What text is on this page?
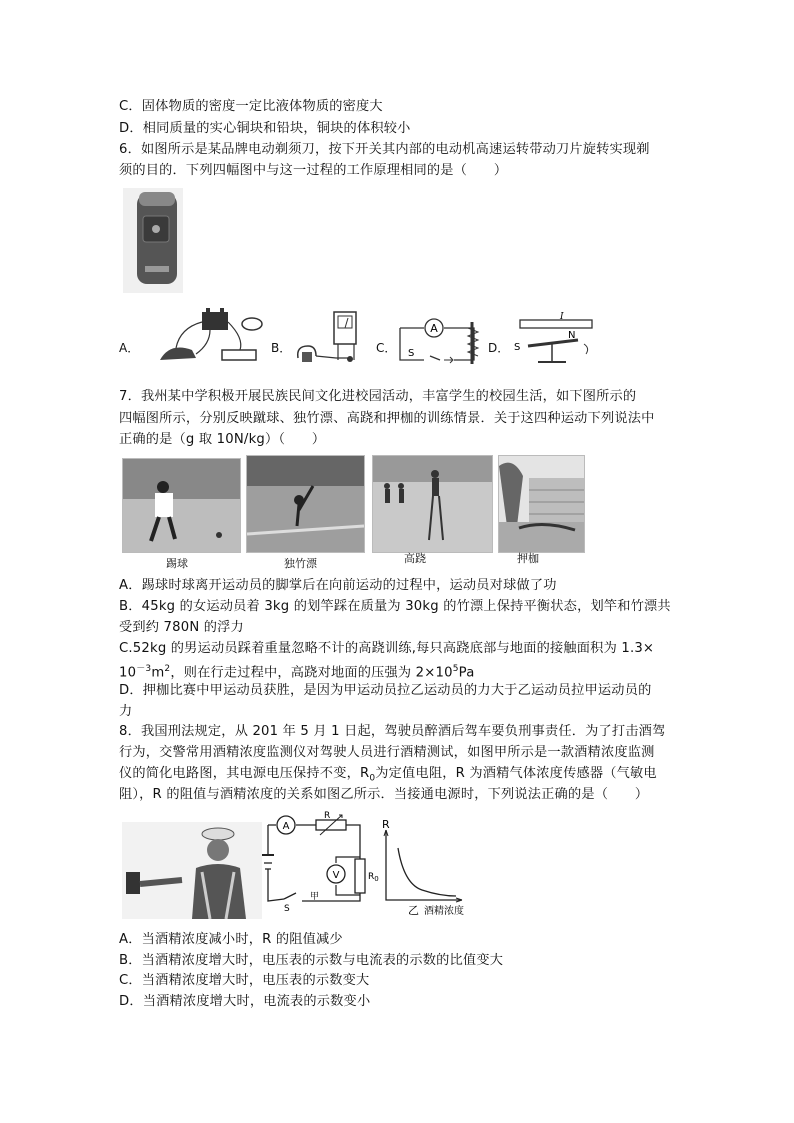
C．固体物质的密度一定比液体物质的密度大
D．相同质量的实心铜块和铅块，铜块的体积较小
6．如图所示是某品牌电动剃须刀，按下开关其内部的电动机高速运转带动刀片旋转实现剃
须的目的．下列四幅图中与这一过程的工作原理相同的是（　　）
A．	B．	C．
A
S	D．
I
S
N
7．我州某中学积极开展民族民间文化进校园活动，丰富学生的校园生活，如下图所示的
四幅图所示，分别反映蹴球、独竹漂、高跷和押枷的训练情景．关于这四种运动下列说法中
正确的是（g 取 10N/kg）（　　）
踢球	独竹漂	高跷	押枷
A．踢球时球离开运动员的脚掌后在向前运动的过程中，运动员对球做了功
B．45kg 的女运动员着 3kg 的划竿踩在质量为 30kg 的竹漂上保持平衡状态，划竿和竹漂共
受到约 780N 的浮力
C.52kg 的男运动员踩着重量忽略不计的高跷训练,每只高跷底部与地面的接触面积为 1.3×
$10^{-3}m^2$，则在行走过程中，高跷对地面的压强为 $2\times 10^5Pa$
D．押枷比赛中甲运动员获胜，是因为甲运动员拉乙运动员的力大于乙运动员拉甲运动员的
力
8．我国刑法规定，从 201 年 5 月 1 日起，驾驶员醉酒后驾车要负刑事责任．为了打击酒驾
行为，交警常用酒精浓度监测仪对驾驶人员进行酒精测试，如图甲所示是一款酒精浓度监测
仪的简化电路图，其电源电压保持不变，$R_0$为定值电阻，R 为酒精气体浓度传感器（气敏电
阻），R 的阻值与酒精浓度的关系如图乙所示．当接通电源时，下列说法正确的是（　　）
A
R
$R_0$
V
S
甲
R
乙 酒精浓度
A．当酒精浓度减小时，R 的阻值减少
B．当酒精浓度增大时，电压表的示数与电流表的示数的比值变大
C．当酒精浓度增大时，电压表的示数变大
D．当酒精浓度增大时，电流表的示数变小
